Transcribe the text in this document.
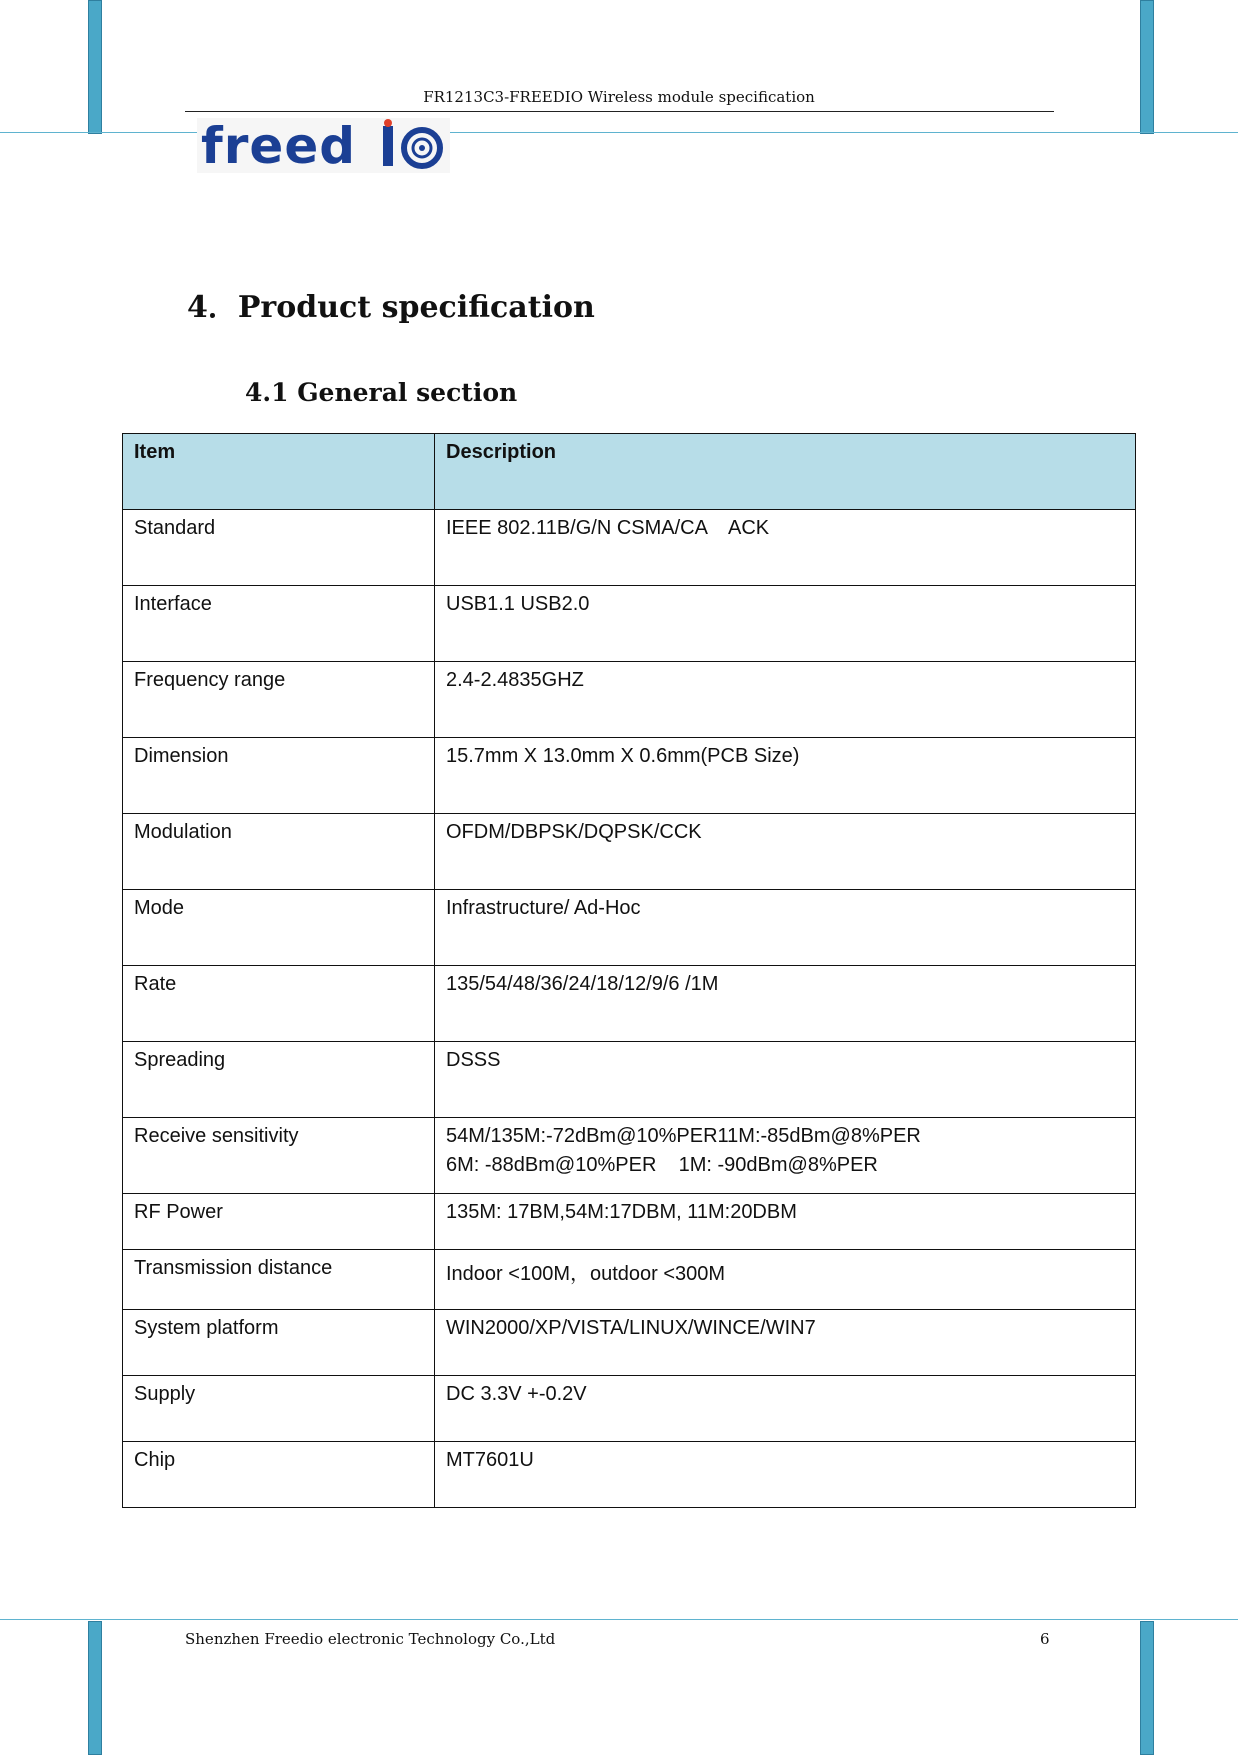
FR1213C3-FREEDIO Wireless module specification
freed
4．Product specification
4.1 General section
Item	Description
Standard	IEEE 802.11B/G/N CSMA/CA    ACK
Interface	USB1.1 USB2.0
Frequency range	2.4-2.4835GHZ
Dimension	15.7mm X 13.0mm X 0.6mm(PCB Size)
Modulation	OFDM/DBPSK/DQPSK/CCK
Mode	Infrastructure/ Ad-Hoc
Rate	135/54/48/36/24/18/12/9/6 /1M
Spreading	DSSS
Receive sensitivity	54M/135M:-72dBm@10%PER11M:-85dBm@8%PER
6M: -88dBm@10%PER    1M: -90dBm@8%PER

RF Power	135M: 17BM,54M:17DBM, 11M:20DBM
Transmission distance	Indoor <100M，outdoor <300M
System platform	WIN2000/XP/VISTA/LINUX/WINCE/WIN7
Supply	DC 3.3V +-0.2V
Chip	MT7601U
Shenzhen Freedio electronic Technology Co.,Ltd	6
